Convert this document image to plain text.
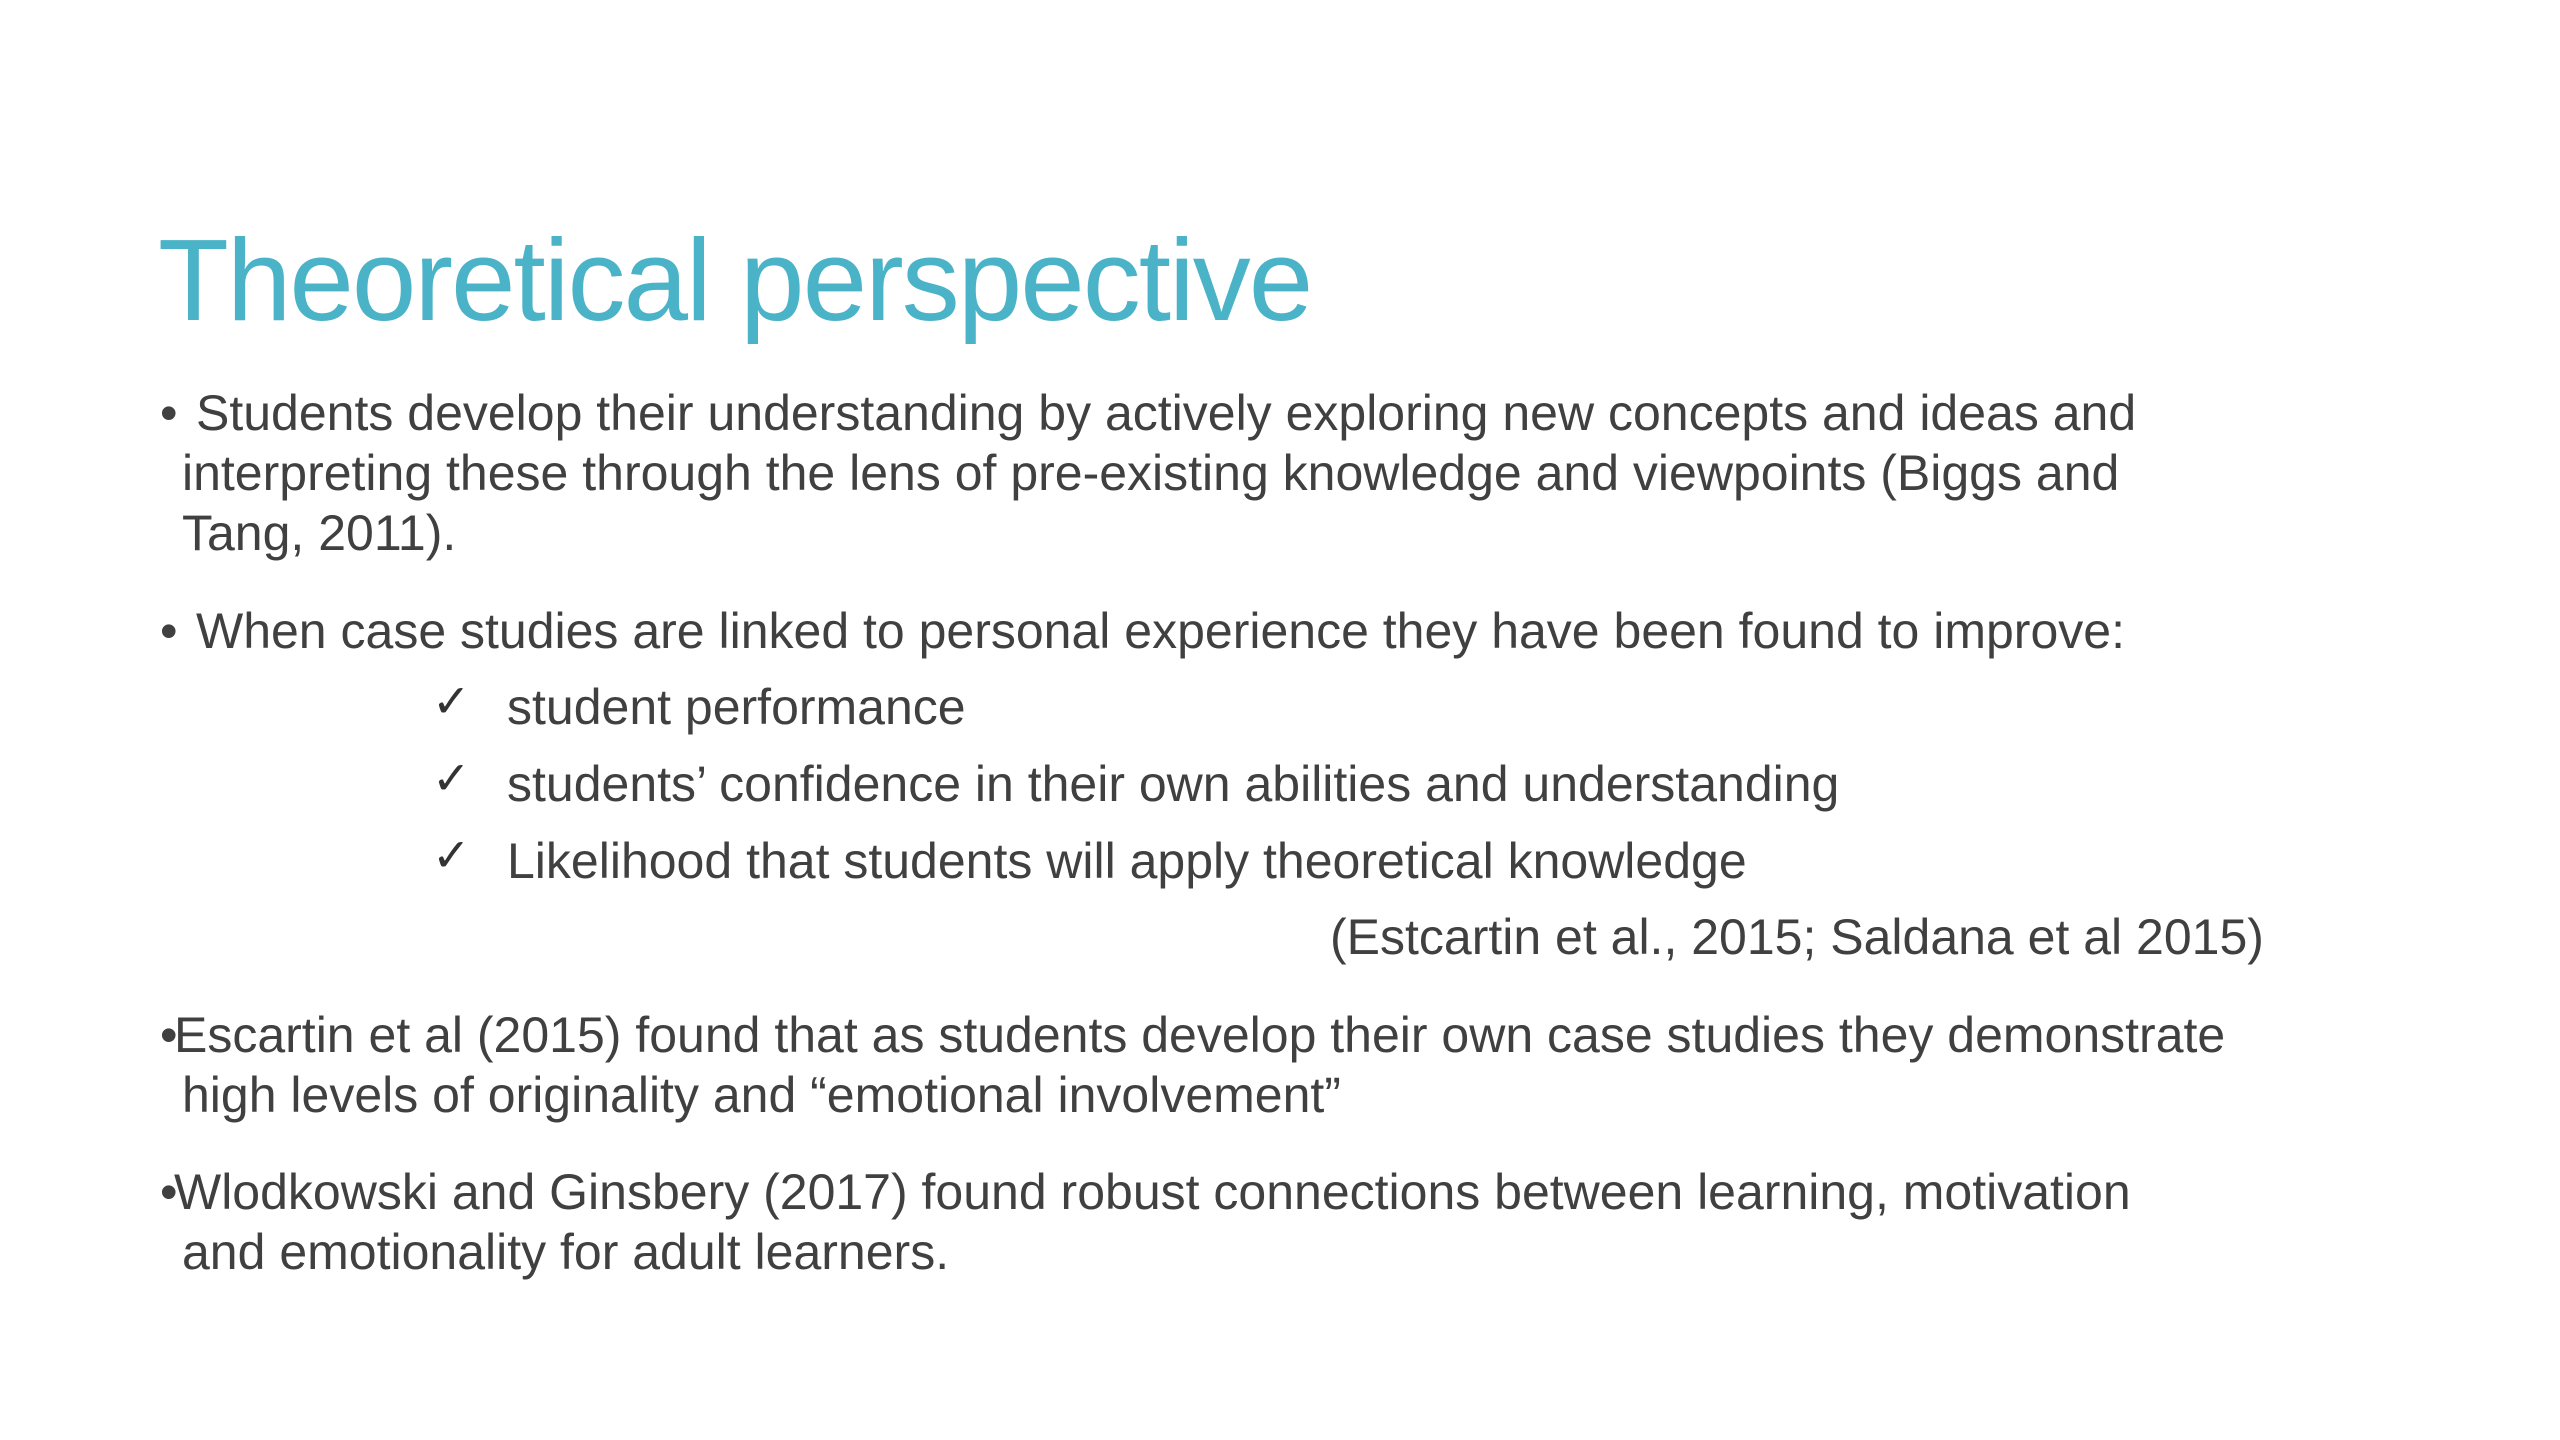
Theoretical perspective
• Students develop their understanding by actively exploring new concepts and ideas and
interpreting these through the lens of pre-existing knowledge and viewpoints (Biggs and
Tang, 2011).
• When case studies are linked to personal experience they have been found to improve:
✓ student performance
✓ students’ confidence in their own abilities and understanding
✓ Likelihood that students will apply theoretical knowledge
(Estcartin et al., 2015; Saldana et al 2015)
•
Escartin et al (2015) found that as students develop their own case studies they demonstrate
high levels of originality and “emotional involvement”
•
Wlodkowski and Ginsbery (2017) found robust connections between learning, motivation
and emotionality for adult learners.
